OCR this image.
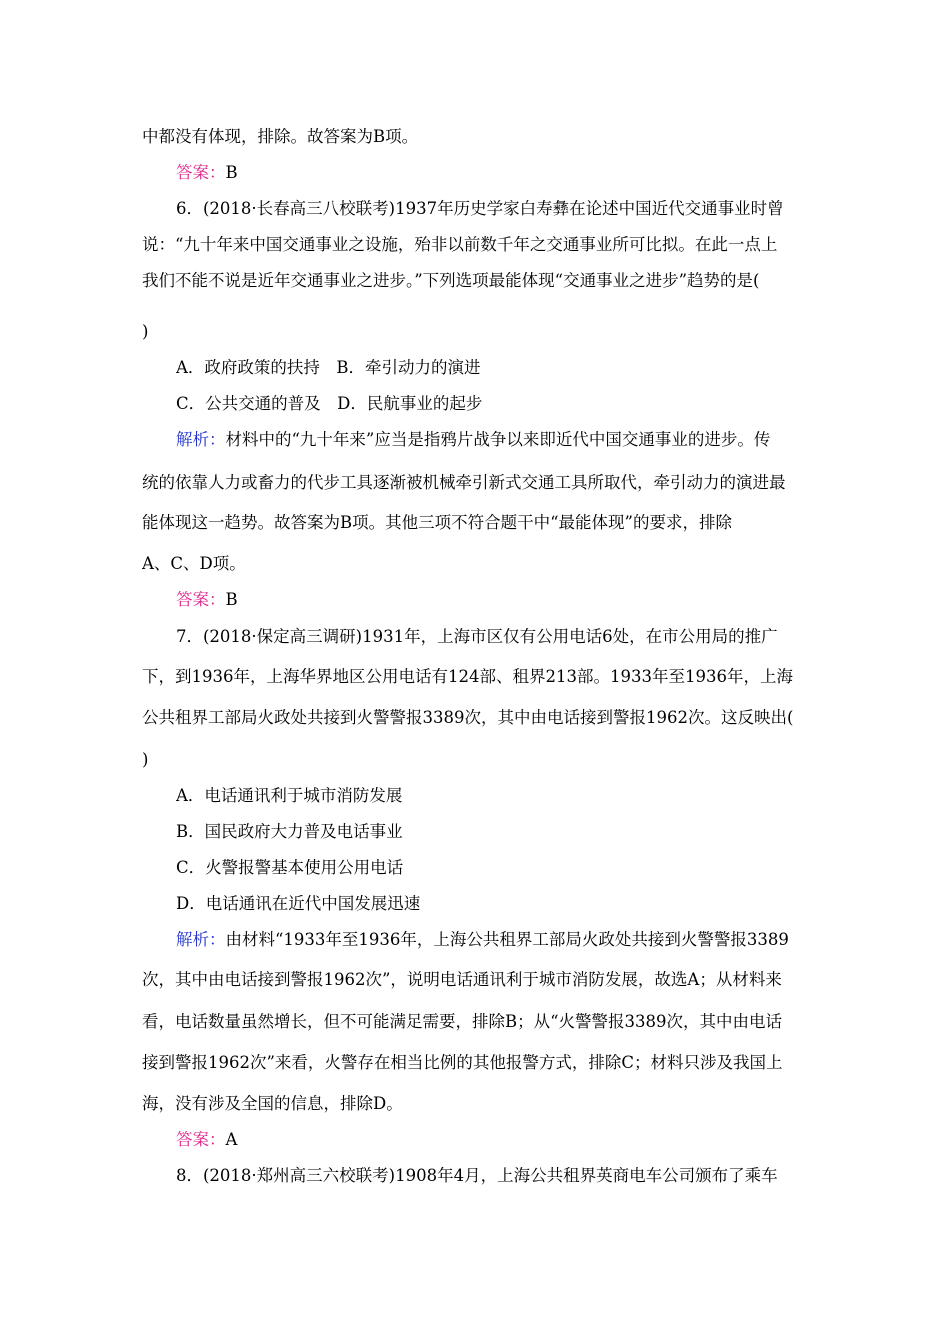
中都没有体现，排除。故答案为B项。
答案：B
6．(2018·长春高三八校联考)1937年历史学家白寿彝在论述中国近代交通事业时曾
说：“九十年来中国交通事业之设施，殆非以前数千年之交通事业所可比拟。在此一点上
我们不能不说是近年交通事业之进步。”下列选项最能体现“交通事业之进步”趋势的是(
)
A．政府政策的扶持　B．牵引动力的演进
C．公共交通的普及　D．民航事业的起步
解析：材料中的“九十年来”应当是指鸦片战争以来即近代中国交通事业的进步。传
统的依靠人力或畜力的代步工具逐渐被机械牵引新式交通工具所取代，牵引动力的演进最
能体现这一趋势。故答案为B项。其他三项不符合题干中“最能体现”的要求，排除
A、C、D项。
答案：B
7．(2018·保定高三调研)1931年，上海市区仅有公用电话6处，在市公用局的推广
下，到1936年，上海华界地区公用电话有124部、租界213部。1933年至1936年，上海
公共租界工部局火政处共接到火警警报3389次，其中由电话接到警报1962次。这反映出(
)
A．电话通讯利于城市消防发展
B．国民政府大力普及电话事业
C．火警报警基本使用公用电话
D．电话通讯在近代中国发展迅速
解析：由材料“1933年至1936年，上海公共租界工部局火政处共接到火警警报3389
次，其中由电话接到警报1962次”，说明电话通讯利于城市消防发展，故选A；从材料来
看，电话数量虽然增长，但不可能满足需要，排除B；从“火警警报3389次，其中由电话
接到警报1962次”来看，火警存在相当比例的其他报警方式，排除C；材料只涉及我国上
海，没有涉及全国的信息，排除D。
答案：A
8．(2018·郑州高三六校联考)1908年4月，上海公共租界英商电车公司颁布了乘车
